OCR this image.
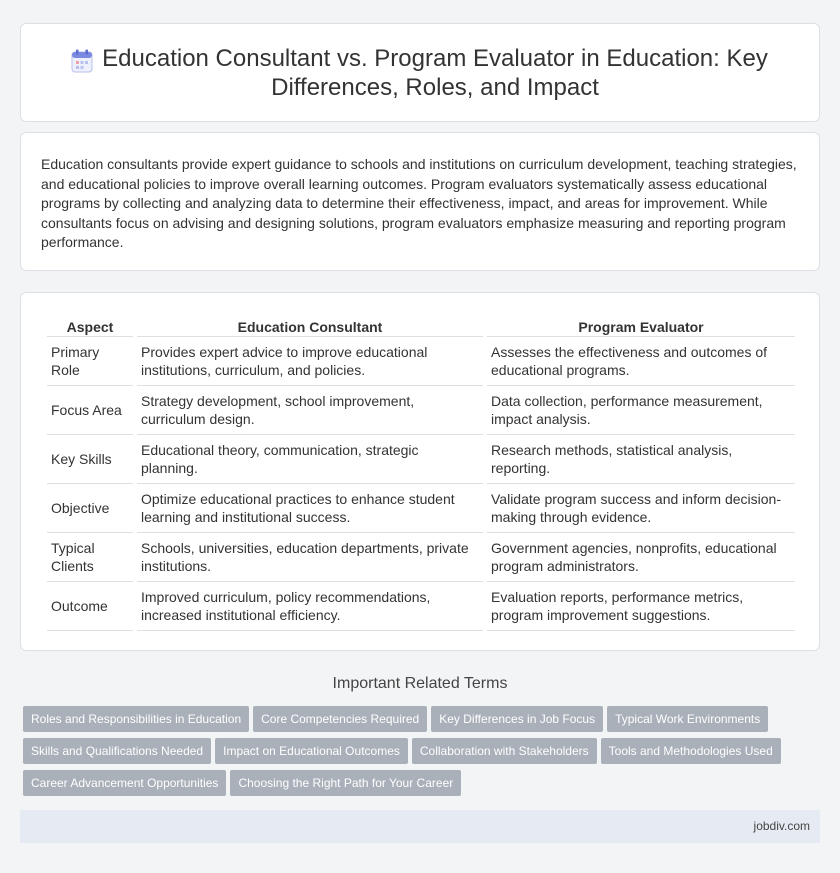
Education Consultant vs. Program Evaluator in Education: Key Differences, Roles, and Impact

Education consultants provide expert guidance to schools and institutions on curriculum development, teaching strategies, and educational policies to improve overall learning outcomes. Program evaluators systematically assess educational programs by collecting and analyzing data to determine their effectiveness, impact, and areas for improvement. While consultants focus on advising and designing solutions, program evaluators emphasize measuring and reporting program performance.

Aspect	Education Consultant	Program Evaluator
Primary Role	Provides expert advice to improve educational institutions, curriculum, and policies.	Assesses the effectiveness and outcomes of educational programs.
Focus Area	Strategy development, school improvement, curriculum design.	Data collection, performance measurement, impact analysis.
Key Skills	Educational theory, communication, strategic planning.	Research methods, statistical analysis, reporting.
Objective	Optimize educational practices to enhance student learning and institutional success.	Validate program success and inform decision-making through evidence.
Typical Clients	Schools, universities, education departments, private institutions.	Government agencies, nonprofits, educational program administrators.
Outcome	Improved curriculum, policy recommendations, increased institutional efficiency.	Evaluation reports, performance metrics, program improvement suggestions.
Important Related Terms
Roles and Responsibilities in Education Core Competencies Required Key Differences in Job Focus Typical Work EnvironmentsSkills and Qualifications Needed Impact on Educational Outcomes Collaboration with Stakeholders Tools and Methodologies UsedCareer Advancement Opportunities Choosing the Right Path for Your Career
jobdiv.com
